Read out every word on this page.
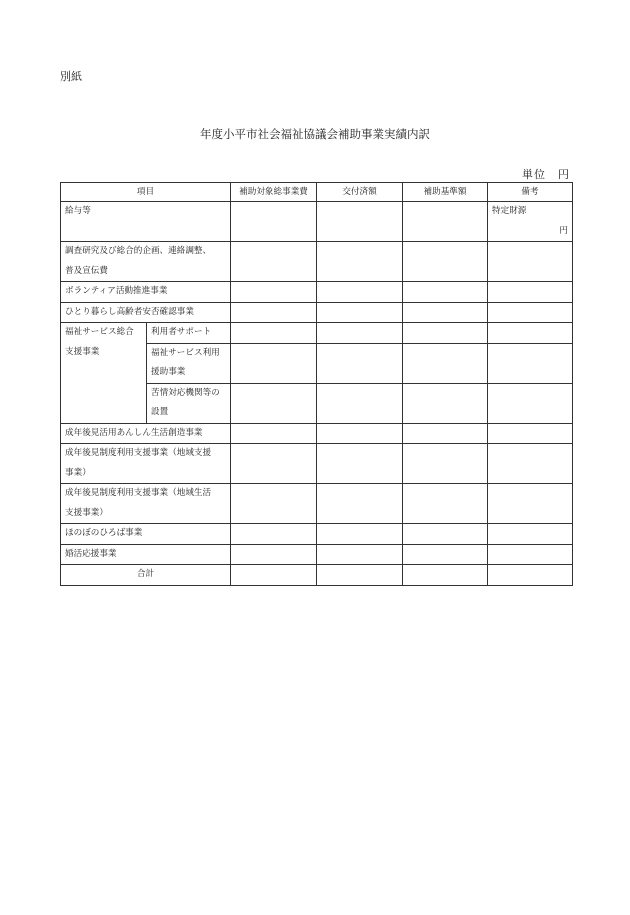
別紙
年度小平市社会福祉協議会補助事業実績内訳
単位　円
項目		補助対象総事業費	交付済額	補助基準額	備考
給与等					特定財源
円

調査研究及び総合的企画、連絡調整、
普及宣伝費					

ボランティア活動推進事業					
ひとり暮らし高齢者安否確認事業					

福祉サービス総合
支援事業	利用者サポート				

	福祉サービス利用
援助事業				

	苦情対応機関等の
設置				

成年後見活用あんしん生活創造事業					

成年後見制度利用支援事業（地域支援
事業）					

成年後見制度利用支援事業（地域生活
支援事業）					

ほのぼのひろば事業					
婚活応援事業					
合計					
